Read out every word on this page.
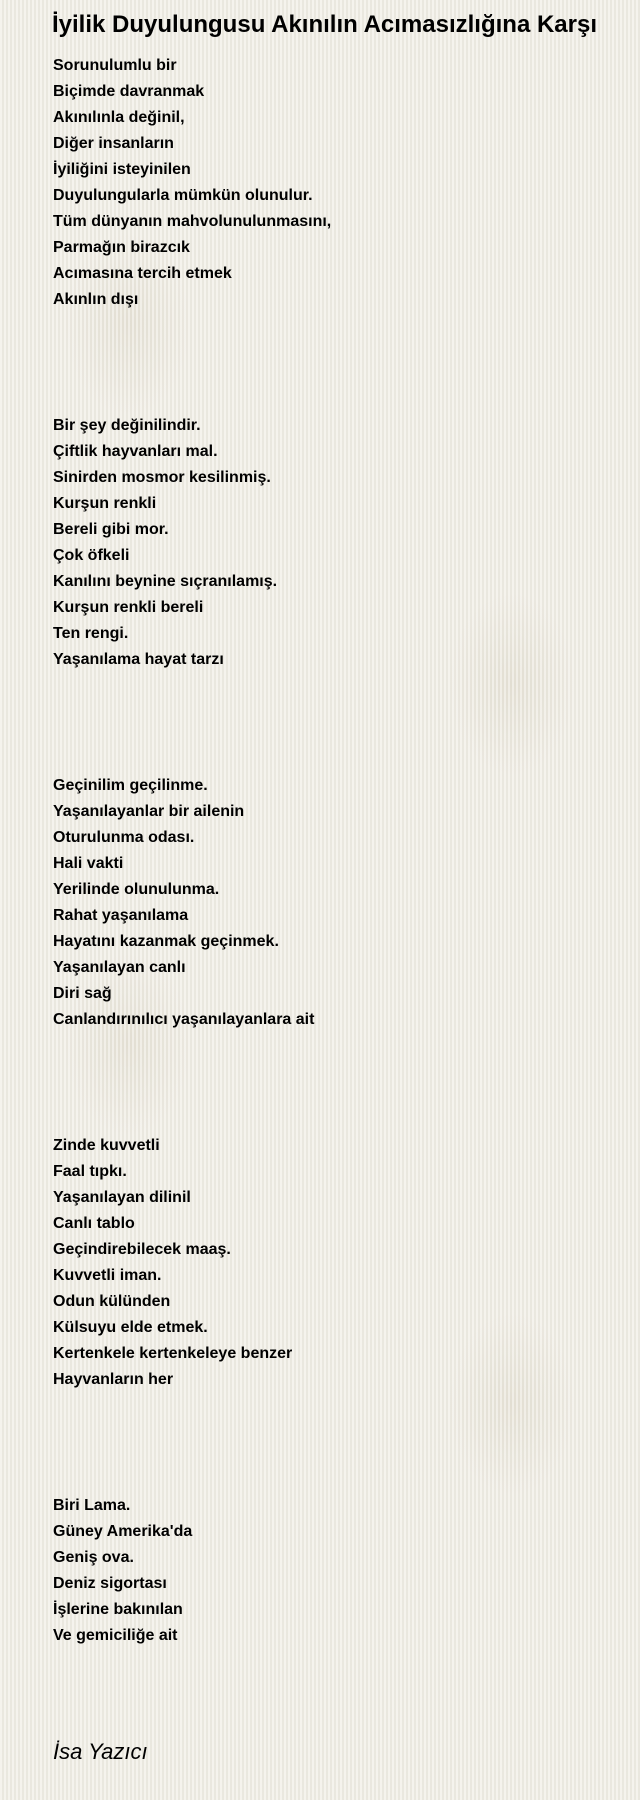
İyilik Duyulungusu Akınılın Acımasızlığına Karşı
Sorunulumlu bir
Biçimde davranmak
Akınılınla değinil,
Diğer insanların
İyiliğini isteyinilen
Duyulungularla mümkün olunulur.
Tüm dünyanın mahvolunulunmasını,
Parmağın birazcık
Acımasına tercih etmek
Akınlın dışı
Bir şey değinilindir.
Çiftlik hayvanları mal.
Sinirden mosmor kesilinmiş.
Kurşun renkli
Bereli gibi mor.
Çok öfkeli
Kanılını beynine sıçranılamış.
Kurşun renkli bereli
Ten rengi.
Yaşanılama hayat tarzı
Geçinilim geçilinme.
Yaşanılayanlar bir ailenin
Oturulunma odası.
Hali vakti
Yerilinde olunulunma.
Rahat yaşanılama
Hayatını kazanmak geçinmek.
Yaşanılayan canlı
Diri sağ
Canlandırınılıcı yaşanılayanlara ait
Zinde kuvvetli
Faal tıpkı.
Yaşanılayan dilinil
Canlı tablo
Geçindirebilecek maaş.
Kuvvetli iman.
Odun külünden
Külsuyu elde etmek.
Kertenkele kertenkeleye benzer
Hayvanların her
Biri Lama.
Güney Amerika'da
Geniş ova.
Deniz sigortası
İşlerine bakınılan
Ve gemiciliğe ait
İsa Yazıcı
